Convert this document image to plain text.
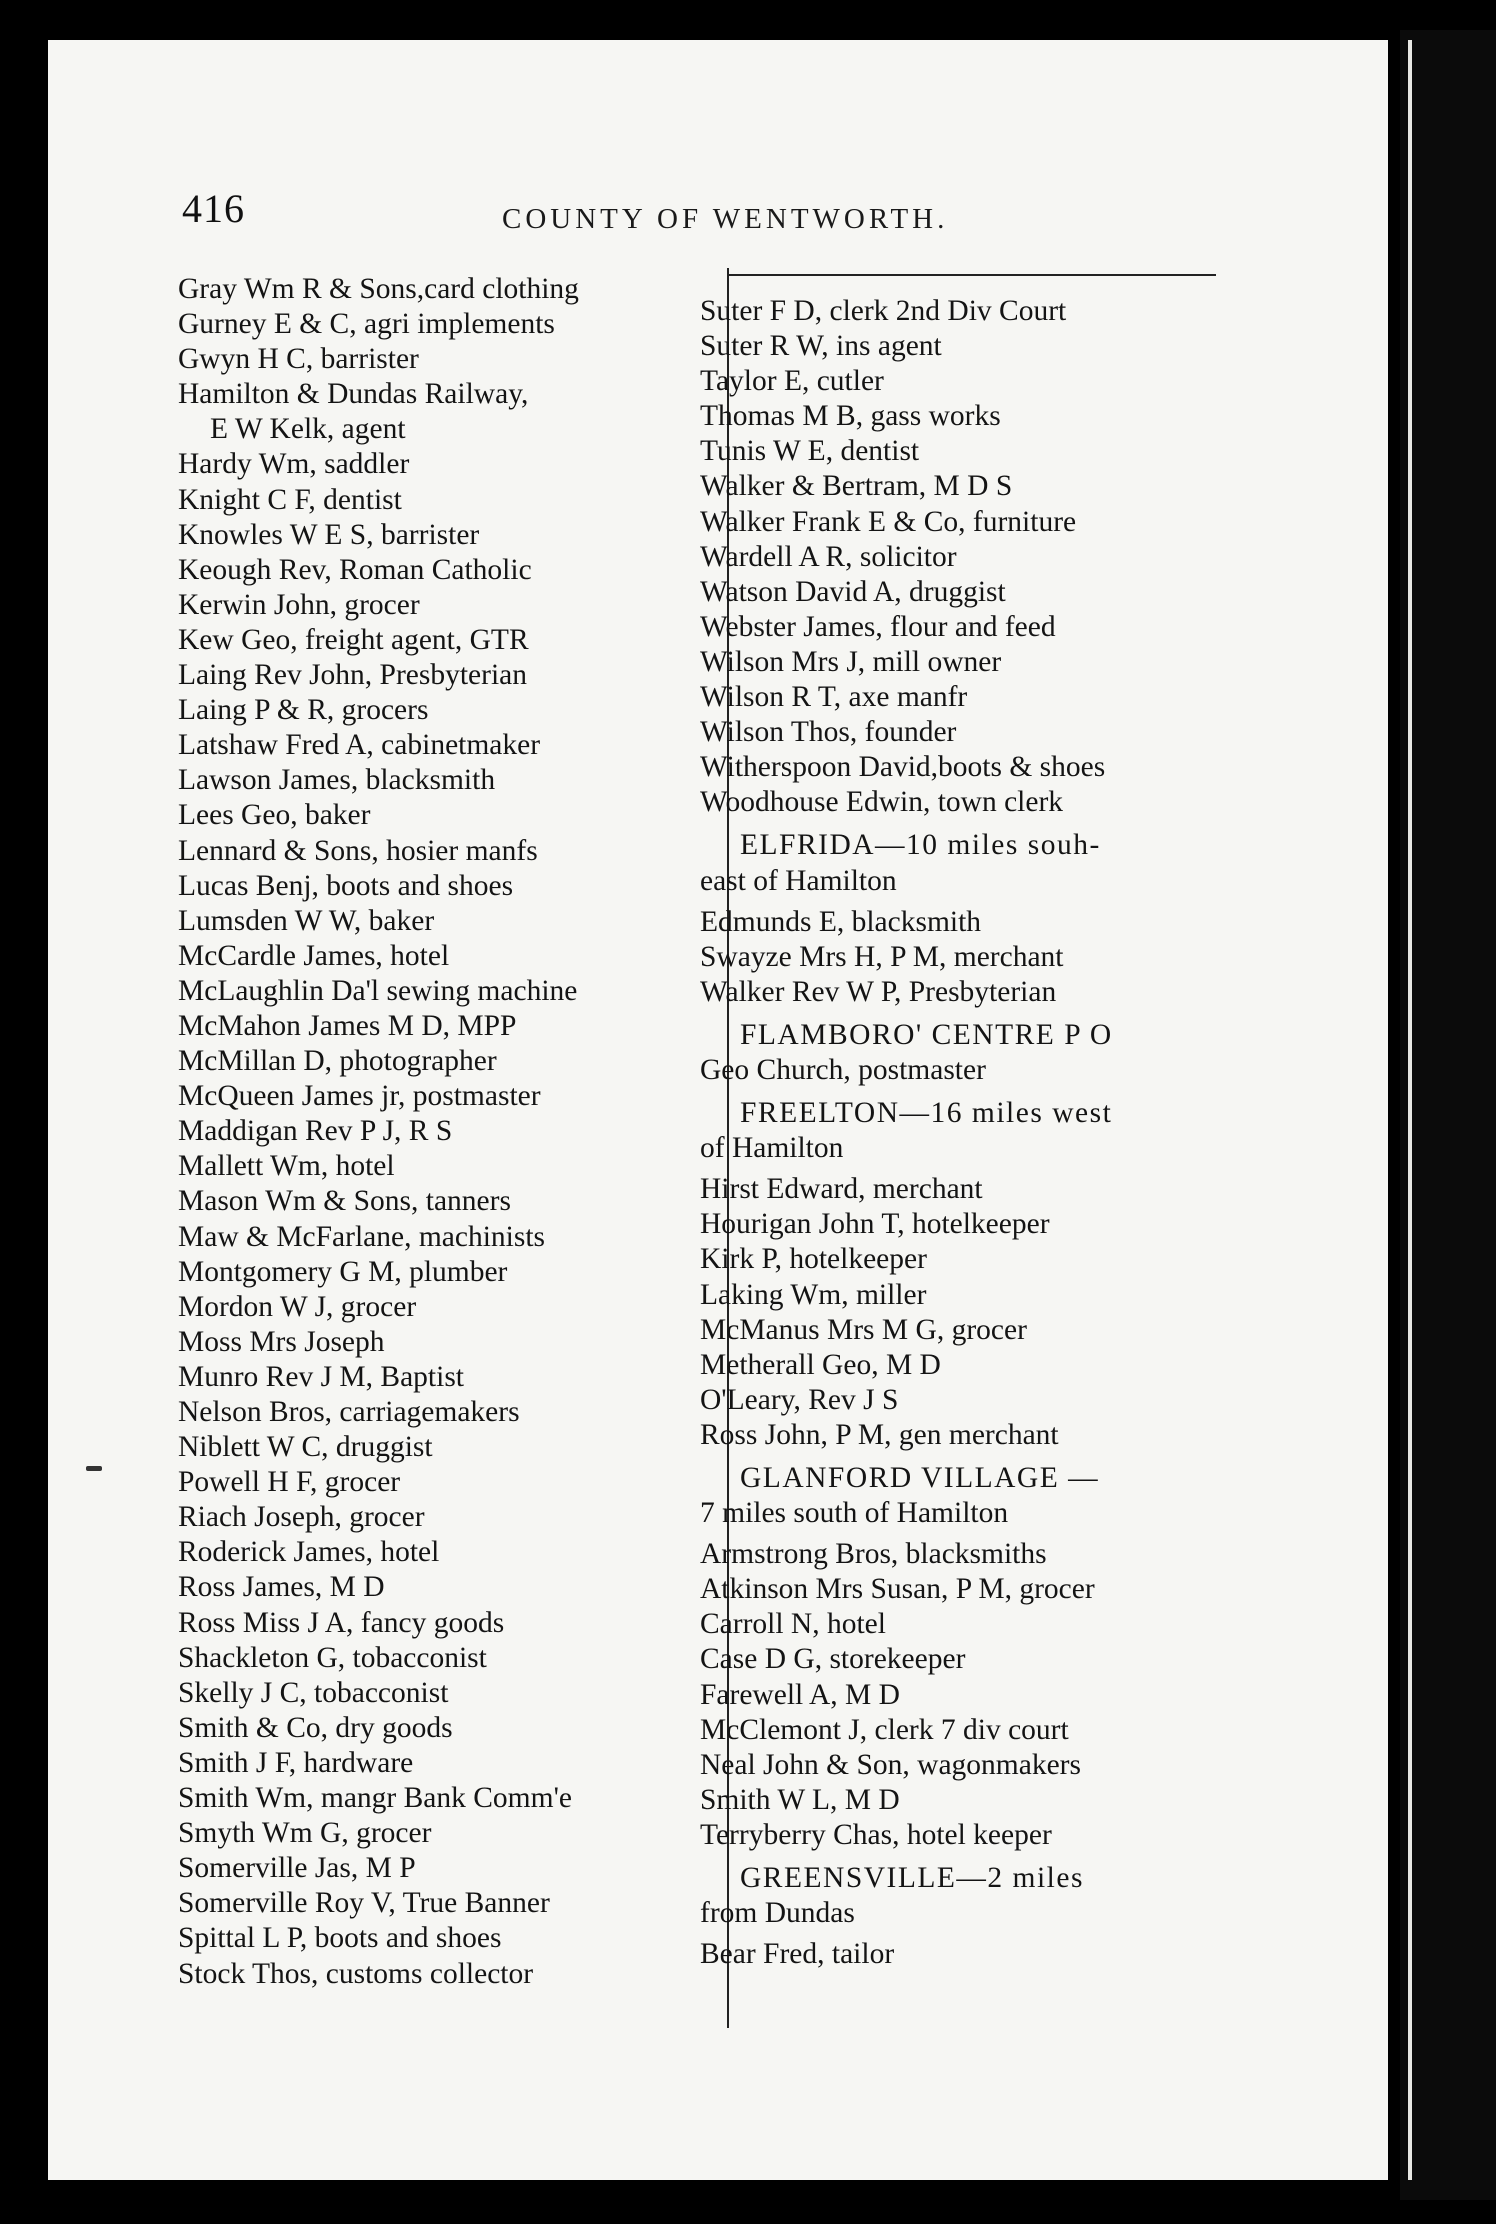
416	COUNTY OF WENTWORTH.
Gray Wm R & Sons,card clothing
Gurney E & C, agri implements
Gwyn H C, barrister
Hamilton & Dundas Railway,
E W Kelk, agent
Hardy Wm, saddler
Knight C F, dentist
Knowles W E S, barrister
Keough Rev, Roman Catholic
Kerwin John, grocer
Kew Geo, freight agent, GTR
Laing Rev John, Presbyterian
Laing P & R, grocers
Latshaw Fred A, cabinetmaker
Lawson James, blacksmith
Lees Geo, baker
Lennard & Sons, hosier manfs
Lucas Benj, boots and shoes
Lumsden W W, baker
McCardle James, hotel
McLaughlin Da'l sewing machine
McMahon James M D, MPP
McMillan D, photographer
McQueen James jr, postmaster
Maddigan Rev P J, R S
Mallett Wm, hotel
Mason Wm & Sons, tanners
Maw & McFarlane, machinists
Montgomery G M, plumber
Mordon W J, grocer
Moss Mrs Joseph
Munro Rev J M, Baptist
Nelson Bros, carriagemakers
Niblett W C, druggist
Powell H F, grocer
Riach Joseph, grocer
Roderick James, hotel
Ross James, M D
Ross Miss J A, fancy goods
Shackleton G, tobacconist
Skelly J C, tobacconist
Smith & Co, dry goods
Smith J F, hardware
Smith Wm, mangr Bank Comm'e
Smyth Wm G, grocer
Somerville Jas, M P
Somerville Roy V, True Banner
Spittal L P, boots and shoes
Stock Thos, customs collector
Suter F D, clerk 2nd Div Court
Suter R W, ins agent
Taylor E, cutler
Thomas M B, gass works
Tunis W E, dentist
Walker & Bertram, M D S
Walker Frank E & Co, furniture
Wardell A R, solicitor
Watson David A, druggist
Webster James, flour and feed
Wilson Mrs J, mill owner
Wilson R T, axe manfr
Wilson Thos, founder
Witherspoon David,boots & shoes
Woodhouse Edwin, town clerk
ELFRIDA—10 miles souh-
east of Hamilton
Edmunds E, blacksmith
Swayze Mrs H, P M, merchant
Walker Rev W P, Presbyterian
FLAMBORO' CENTRE P O
Geo Church, postmaster
FREELTON—16 miles west
of Hamilton
Hirst Edward, merchant
Hourigan John T, hotelkeeper
Kirk P, hotelkeeper
Laking Wm, miller
McManus Mrs M G, grocer
Metherall Geo, M D
O'Leary, Rev J S
Ross John, P M, gen merchant
GLANFORD VILLAGE —
7 miles south of Hamilton
Armstrong Bros, blacksmiths
Atkinson Mrs Susan, P M, grocer
Carroll N, hotel
Case D G, storekeeper
Farewell A, M D
McClemont J, clerk 7 div court
Neal John & Son, wagonmakers
Smith W L, M D
Terryberry Chas, hotel keeper
GREENSVILLE—2 miles
from Dundas
Bear Fred, tailor
